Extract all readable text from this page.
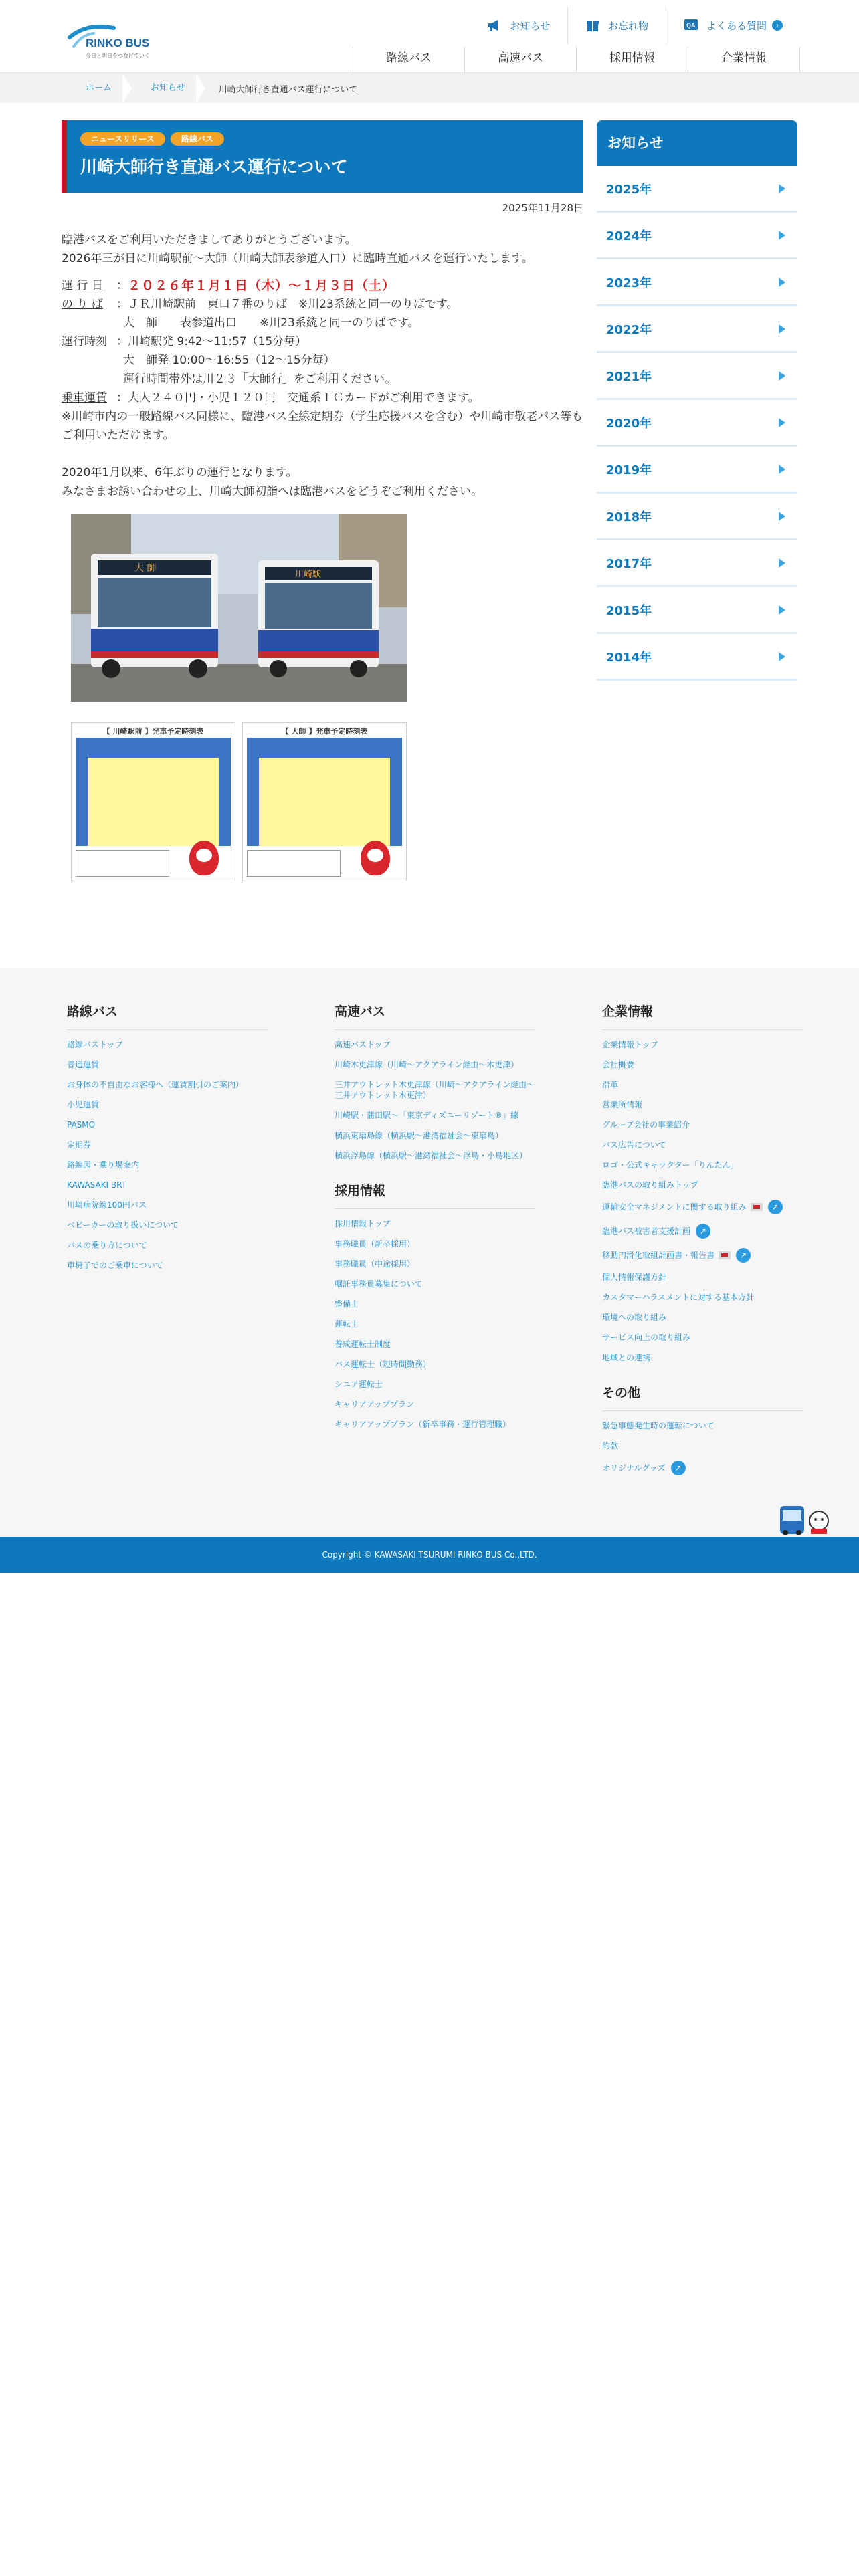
RINKO BUS
今日と明日をつなげていく
お知らせ	お忘れ物	QA よくある質問	›
路線バス	高速バス	採用情報	企業情報
ホーム	お知らせ	川崎大師行き直通バス運行について
ニュースリリース	路線バス
川崎大師行き直通バス運行について
2025年11月28日

臨港バスをご利用いただきましてありがとうございます。

2026年三が日に川崎駅前〜大師（川崎大師表参道入口）に臨時直通バスを運行いたします。

運 行 日	： ２０２６年１月１日（木）〜１月３日（土）
の り ば	： ＪＲ川崎駅前　東口７番のりば　※川23系統と同一のりばです。

大　師　　表参道出口　　※川23系統と同一のりばです。

運行時刻 ： 川崎駅発 9:42〜11:57（15分毎）

大　師発 10:00〜16:55（12〜15分毎）

運行時間帯外は川２３「大師行」をご利用ください。

乗車運賃 ： 大人２４０円・小児１２０円　交通系ＩＣカードがご利用できます。

※川崎市内の一般路線バス同様に、臨港バス全線定期券（学生応援バスを含む）や川崎市敬老パス等もご利用いただけます。

2020年1月以来、6年ぶりの運行となります。

みなさまお誘い合わせの上、川崎大師初詣へは臨港バスをどうぞご利用ください。

大 師
川崎駅
【 川崎駅前 】発車予定時刻表	【 大師 】発車予定時刻表
お知らせ
2025年
2024年
2023年
2022年
2021年
2020年
2019年
2018年
2017年
2015年
2014年
路線バス
路線バストップ
普通運賃
お身体の不自由なお客様へ（運賃割引のご案内）
小児運賃
PASMO
定期券
路線図・乗り場案内
KAWASAKI BRT
川崎病院線100円バス
ベビーカーの取り扱いについて
バスの乗り方について
車椅子でのご乗車について
高速バス
高速バストップ
川崎木更津線（川崎〜アクアライン経由〜木更津）
三井アウトレット木更津線（川崎〜アクアライン経由〜三井アウトレット木更津）
川崎駅・蒲田駅〜「東京ディズニーリゾート®」線
横浜東扇島線（横浜駅〜港湾福祉会〜東扇島）
横浜浮島線（横浜駅〜港湾福祉会〜浮島・小島地区）
採用情報
採用情報トップ
事務職員（新卒採用）
事務職員（中途採用）
嘱託事務員募集について
整備士
運転士
養成運転士制度
バス運転士（短時間勤務）
シニア運転士
キャリアアッププラン
キャリアアッププラン（新卒事務・運行管理職）
企業情報
企業情報トップ
会社概要
沿革
営業所情報
グループ会社の事業紹介
バス広告について
ロゴ・公式キャラクター「りんたん」
臨港バスの取り組みトップ
運輸安全マネジメントに関する取り組み	↗
臨港バス被害者支援計画	↗
移動円滑化取組計画書・報告書	↗
個人情報保護方針
カスタマーハラスメントに対する基本方針
環境への取り組み
サービス向上の取り組み
地域との連携
その他
緊急事態発生時の運転について
約款
オリジナルグッズ	↗
Copyright © KAWASAKI TSURUMI RINKO BUS Co.,LTD.
